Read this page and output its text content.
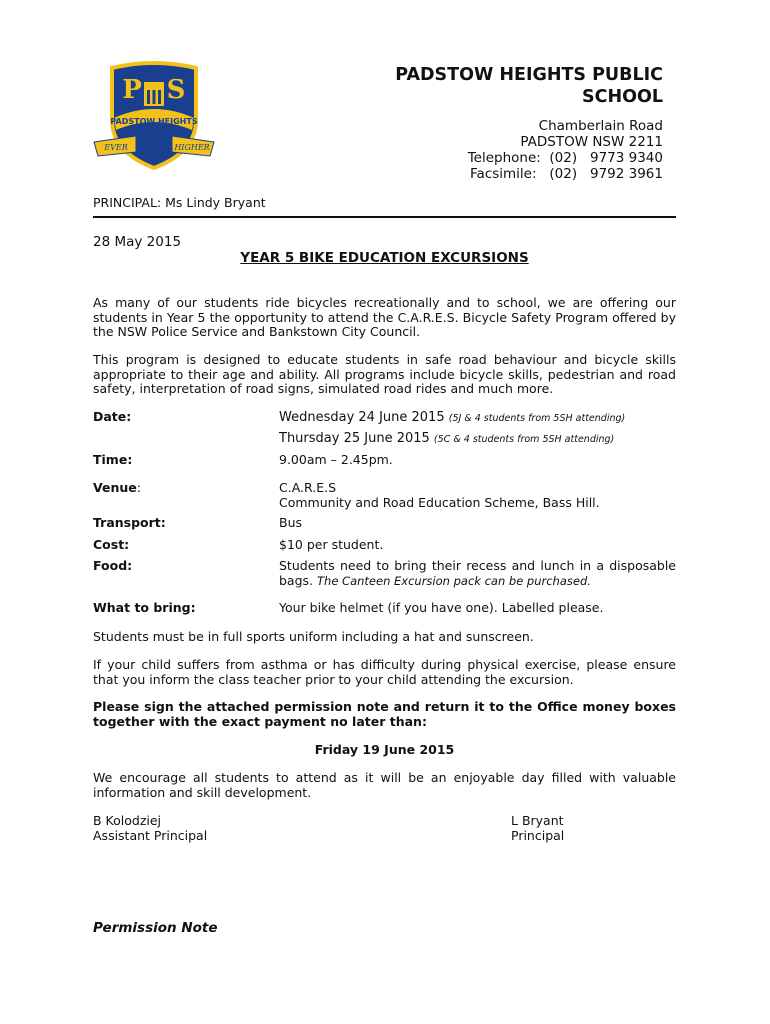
P S
PADSTOW HEIGHTS
EVER	HIGHER
PADSTOW HEIGHTS PUBLIC
SCHOOL
Chamberlain Road
PADSTOW NSW 2211
Telephone:  (02)   9773 9340
Facsimile:   (02)   9792 3961
PRINCIPAL: Ms Lindy Bryant
28 May 2015
YEAR 5 BIKE EDUCATION EXCURSIONS

As many of our students ride bicycles recreationally and to school, we are offering our students in Year 5 the opportunity to attend the C.A.R.E.S. Bicycle Safety Program offered by the NSW Police Service and Bankstown City Council.

This program is designed to educate students in safe road behaviour and bicycle skills appropriate to their age and ability. All programs include bicycle skills, pedestrian and road safety, interpretation of road signs, simulated road rides and much more.

Date:	Wednesday 24 June 2015 (5J & 4 students from 5SH attending)
Thursday 25 June 2015 (5C & 4 students from 5SH attending)
Time:	9.00am – 2.45pm.
Venue:	C.A.R.E.S
Community and Road Education Scheme, Bass Hill.
Transport:	Bus
Cost:	$10 per student.
Food:	Students need to bring their recess and lunch in a disposable bags. The Canteen Excursion pack can be purchased.
What to bring:	Your bike helmet (if you have one). Labelled please.

Students must be in full sports uniform including a hat and sunscreen.

If your child suffers from asthma or has difficulty during physical exercise, please ensure that you inform the class teacher prior to your child attending the excursion.

Please sign the attached permission note and return it to the Office money boxes together with the exact payment no later than:

Friday 19 June 2015

We encourage all students to attend as it will be an enjoyable day filled with valuable information and skill development.

B Kolodziej
Assistant Principal
L Bryant
Principal
Permission Note
